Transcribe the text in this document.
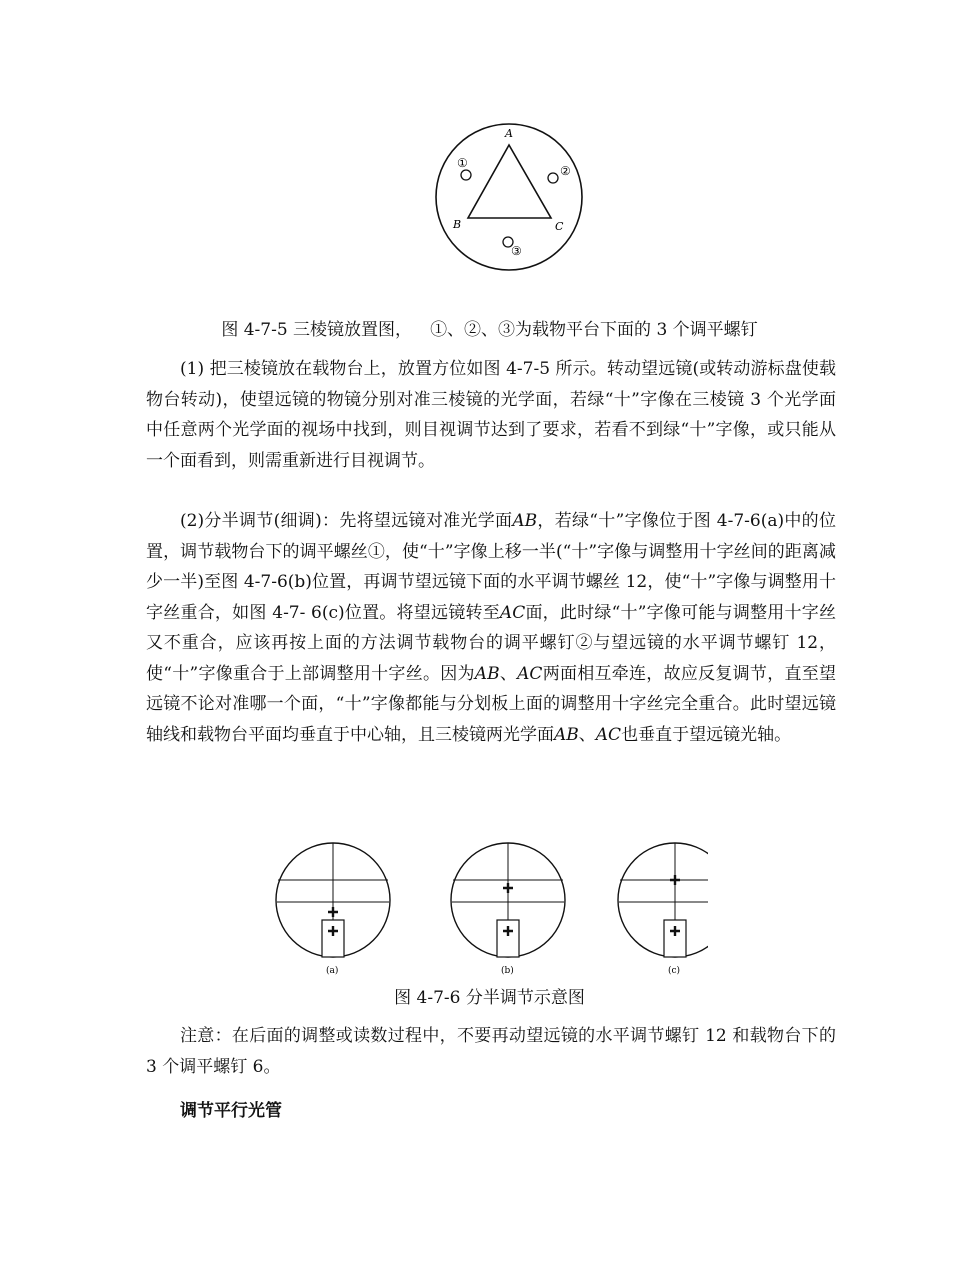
A
B	C
①
②
③
图 4-7-5 三棱镜放置图， ①、②、③为载物平台下面的 3 个调平螺钉

(1) 把三棱镜放在载物台上，放置方位如图 4-7-5 所示。转动望远镜(或转动游标盘使载物台转动)，使望远镜的物镜分别对准三棱镜的光学面，若绿“十”字像在三棱镜 3 个光学面中任意两个光学面的视场中找到，则目视调节达到了要求，若看不到绿“十”字像，或只能从一个面看到，则需重新进行目视调节。

(2)分半调节(细调)：先将望远镜对准光学面AB，若绿“十”字像位于图 4-7-6(a)中的位置，调节载物台下的调平螺丝①，使“十”字像上移一半(“十”字像与调整用十字丝间的距离减少一半)至图 4-7-6(b)位置，再调节望远镜下面的水平调节螺丝 12，使“十”字像与调整用十字丝重合，如图 4-7- 6(c)位置。将望远镜转至AC面，此时绿“十”字像可能与调整用十字丝又不重合，应该再按上面的方法调节载物台的调平螺钉②与望远镜的水平调节螺钉 12，使“十”字像重合于上部调整用十字丝。因为AB、AC两面相互牵连，故应反复调节，直至望远镜不论对准哪一个面，“十”字像都能与分划板上面的调整用十字丝完全重合。此时望远镜轴线和载物台平面均垂直于中心轴，且三棱镜两光学面AB、AC也垂直于望远镜光轴。

(a)	(b)	(c)
图 4-7-6 分半调节示意图

注意：在后面的调整或读数过程中，不要再动望远镜的水平调节螺钉 12 和载物台下的 3 个调平螺钉 6。

调节平行光管
